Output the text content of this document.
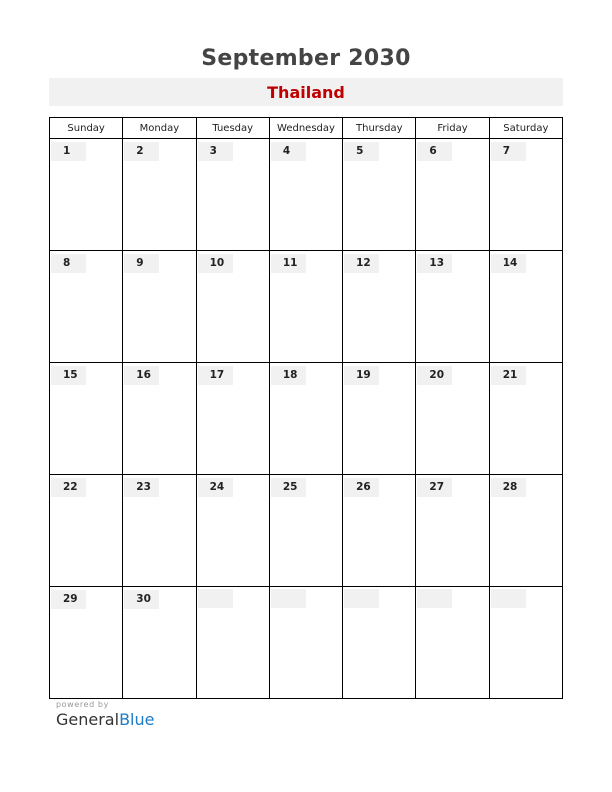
September 2030
Thailand
Sunday	Monday	Tuesday	Wednesday	Thursday	Friday	Saturday
1	2	3	4	5	6	7
8	9	10	11	12	13	14
15	16	17	18	19	20	21
22	23	24	25	26	27	28
29	30					
powered by
GeneralBlue
